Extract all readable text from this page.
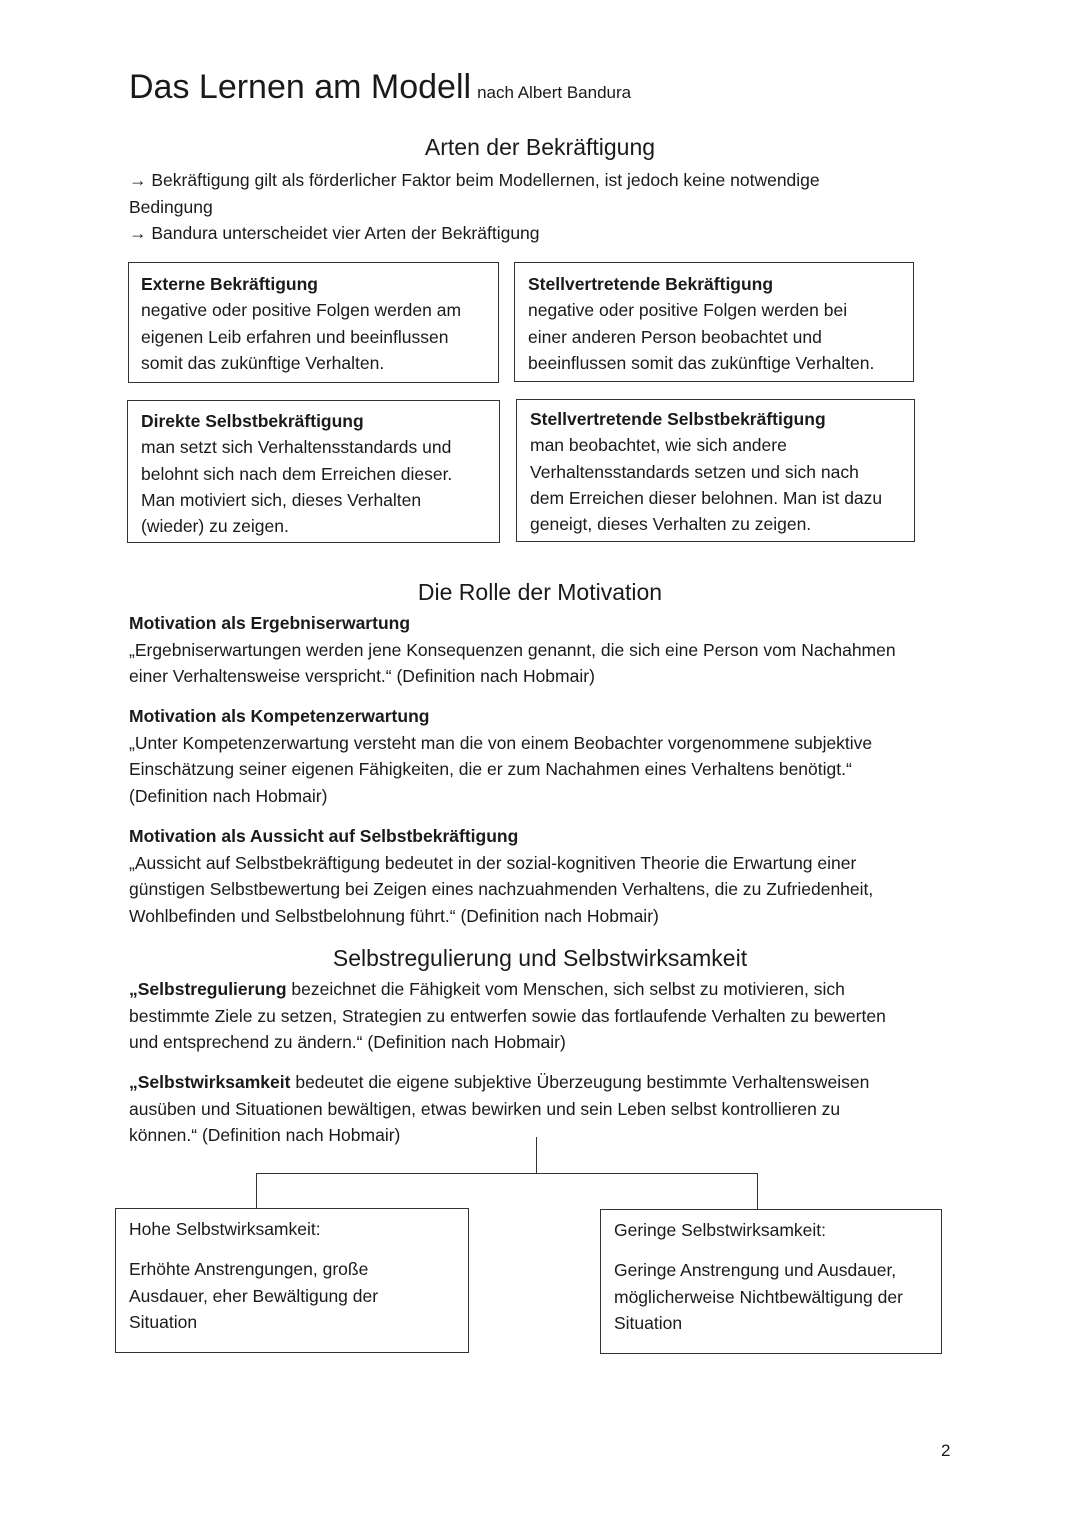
Das Lernen am Modell nach Albert Bandura
Arten der Bekräftigung
→ Bekräftigung gilt als förderlicher Faktor beim Modellernen, ist jedoch keine notwendige
Bedingung
→ Bandura unterscheidet vier Arten der Bekräftigung
Externe Bekräftigung
negative oder positive Folgen werden am
eigenen Leib erfahren und beeinflussen
somit das zukünftige Verhalten.
Stellvertretende Bekräftigung
negative oder positive Folgen werden bei
einer anderen Person beobachtet und
beeinflussen somit das zukünftige Verhalten.
Direkte Selbstbekräftigung
man setzt sich Verhaltensstandards und
belohnt sich nach dem Erreichen dieser.
Man motiviert sich, dieses Verhalten
(wieder) zu zeigen.
Stellvertretende Selbstbekräftigung
man beobachtet, wie sich andere
Verhaltensstandards setzen und sich nach
dem Erreichen dieser belohnen. Man ist dazu
geneigt, dieses Verhalten zu zeigen.
Die Rolle der Motivation
Motivation als Ergebniserwartung
„Ergebniserwartungen werden jene Konsequenzen genannt, die sich eine Person vom Nachahmen
einer Verhaltensweise verspricht.“ (Definition nach Hobmair)
Motivation als Kompetenzerwartung
„Unter Kompetenzerwartung versteht man die von einem Beobachter vorgenommene subjektive
Einschätzung seiner eigenen Fähigkeiten, die er zum Nachahmen eines Verhaltens benötigt.“
(Definition nach Hobmair)
Motivation als Aussicht auf Selbstbekräftigung
„Aussicht auf Selbstbekräftigung bedeutet in der sozial-kognitiven Theorie die Erwartung einer
günstigen Selbstbewertung bei Zeigen eines nachzuahmenden Verhaltens, die zu Zufriedenheit,
Wohlbefinden und Selbstbelohnung führt.“ (Definition nach Hobmair)
Selbstregulierung und Selbstwirksamkeit
„Selbstregulierung bezeichnet die Fähigkeit vom Menschen, sich selbst zu motivieren, sich
bestimmte Ziele zu setzen, Strategien zu entwerfen sowie das fortlaufende Verhalten zu bewerten
und entsprechend zu ändern.“ (Definition nach Hobmair)
„Selbstwirksamkeit bedeutet die eigene subjektive Überzeugung bestimmte Verhaltensweisen
ausüben und Situationen bewältigen, etwas bewirken und sein Leben selbst kontrollieren zu
können.“ (Definition nach Hobmair)
Hohe Selbstwirksamkeit:
Erhöhte Anstrengungen, große
Ausdauer, eher Bewältigung der
Situation
Geringe Selbstwirksamkeit:
Geringe Anstrengung und Ausdauer,
möglicherweise Nichtbewältigung der
Situation
2
